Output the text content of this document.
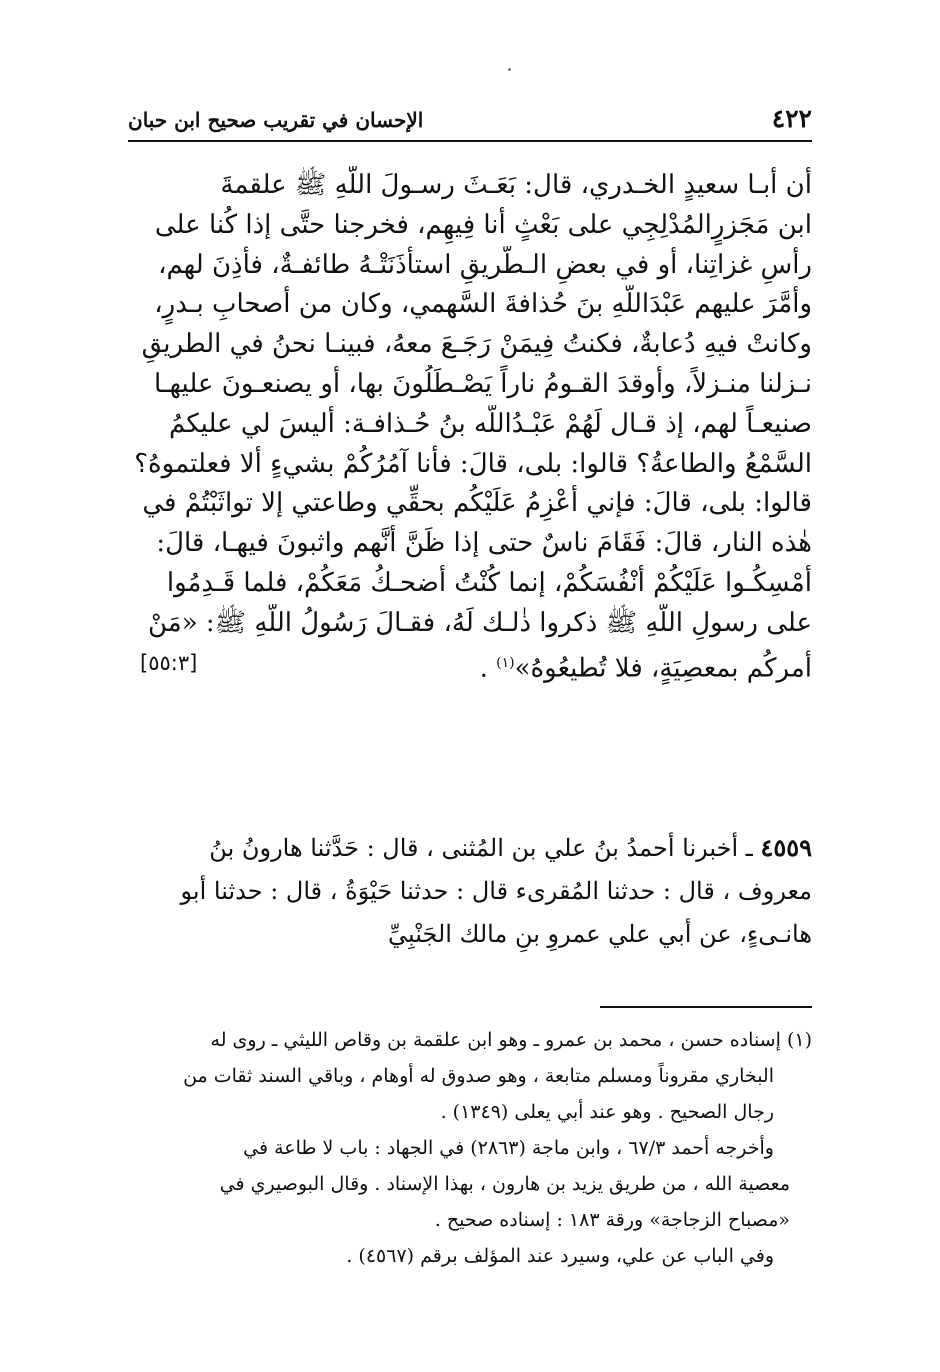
٤٢٢
الإحسان في تقريب صحيح ابن حبان
أن أبـا سعيدٍ الخـدري، قال: بَعَـثَ رسـولَ اللَّهِ ﷺ علقمةَ
ابن مَجَزرٍالمُدْلِجِي على بَعْثٍ أنا فِيهِم، فخرجنا حتَّى إذا كُنا على
رأسِ غزاتِنا، أو في بعضِ الـطَّريقِ استأذَنَتْـهُ طائفـةٌ، فأَذِنَ لهم،
وأمَّرَ عليهم عَبْدَاللَّهِ بنَ حُذافةَ السَّهمي، وكان من أصحابِ بـدرٍ،
وكانتْ فيهِ دُعابةٌ، فكنتُ فِيمَنْ رَجَـعَ معهُ، فبينـا نحنُ في الطريقِ
نـزلنا منـزلاً، وأوقدَ القـومُ ناراً يَصْـطَلُونَ بها، أو يصنعـونَ عليهـا
صنيعـاً لهم، إذ قـال لَهُمْ عَبْـدُاللَّه بنُ حُـذافـة: أليسَ لي عليكمُ
السَّمْعُ والطاعةُ؟ قالوا: بلى، قالَ: فأنا آمُرُكُمْ بشيءٍ ألا فعلتموهُ؟
قالوا: بلى، قالَ: فإني أَعْزِمُ عَلَيْكُم بحقِّي وطاعتي إلا تواثَبْتُمْ في
هٰذه النار، قالَ: فَقَامَ ناسٌ حتى إذا ظَنَّ أنَّهم واثبونَ فيهـا، قالَ:
أمْسِكُـوا عَلَيْكُمْ أَنْفُسَكُمْ، إنما كُنْتُ أضحـكُ مَعَكُمْ، فلما قَـدِمُوا
على رسولِ اللَّهِ ﷺ ذكروا ذٰلـك لَهُ، فقـالَ رَسُولُ اللَّهِ ﷺ: «مَنْ
أمركُم بمعصِيَةٍ، فلا تُطيعُوهُ»$^{(١)}$ .
[٥٥:٣]
٤٥٥٩ ـ أخبرنا أحمدُ بنُ علي بن المُثنى ، قال : حَدَّثنا هارونُ بنُ
معروف ، قال : حدثنا المُقرىء قال : حدثنا حَيْوَةُ ، قال : حدثنا أبو
هانـىءٍ، عن أبي علي عمروِ بنِ مالك الجَنْبِيِّ
(١) إسناده حسن ، محمد بن عمرو ـ وهو ابن علقمة بن وقاص الليثي ـ روى له
البخاري مقروناً ومسلم متابعة ، وهو صدوق له أوهام ، وباقي السند ثقات من
رجال الصحيح . وهو عند أبي يعلى (١٣٤٩) .
وأخرجه أحمد ٦٧/٣ ، وابن ماجة (٢٨٦٣) في الجهاد : باب لا طاعة في
معصية الله ، من طريق يزيد بن هارون ، بهذا الإسناد . وقال البوصيري في
«مصباح الزجاجة» ورقة ١٨٣ : إسناده صحيح .
وفي الباب عن علي، وسيرد عند المؤلف برقم (٤٥٦٧) .
